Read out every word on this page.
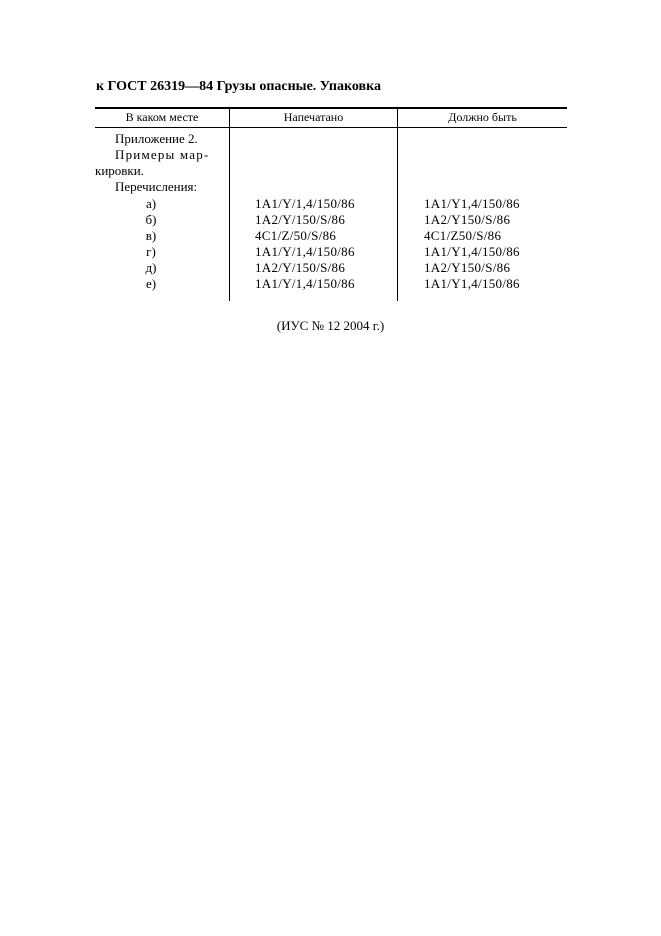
к ГОСТ 26319—84 Грузы опасные. Упаковка
В каком месте	Напечатано	Должно быть
Приложение 2.
Примеры мар-
кировки.
Перечисления:
а)	1A1/Y/1,4/150/86	1A1/Y1,4/150/86
б)	1A2/Y/150/S/86	1A2/Y150/S/86
в)	4C1/Z/50/S/86	4C1/Z50/S/86
г)	1A1/Y/1,4/150/86	1A1/Y1,4/150/86
д)	1A2/Y/150/S/86	1A2/Y150/S/86
е)	1A1/Y/1,4/150/86	1A1/Y1,4/150/86
(ИУС № 12 2004 г.)
